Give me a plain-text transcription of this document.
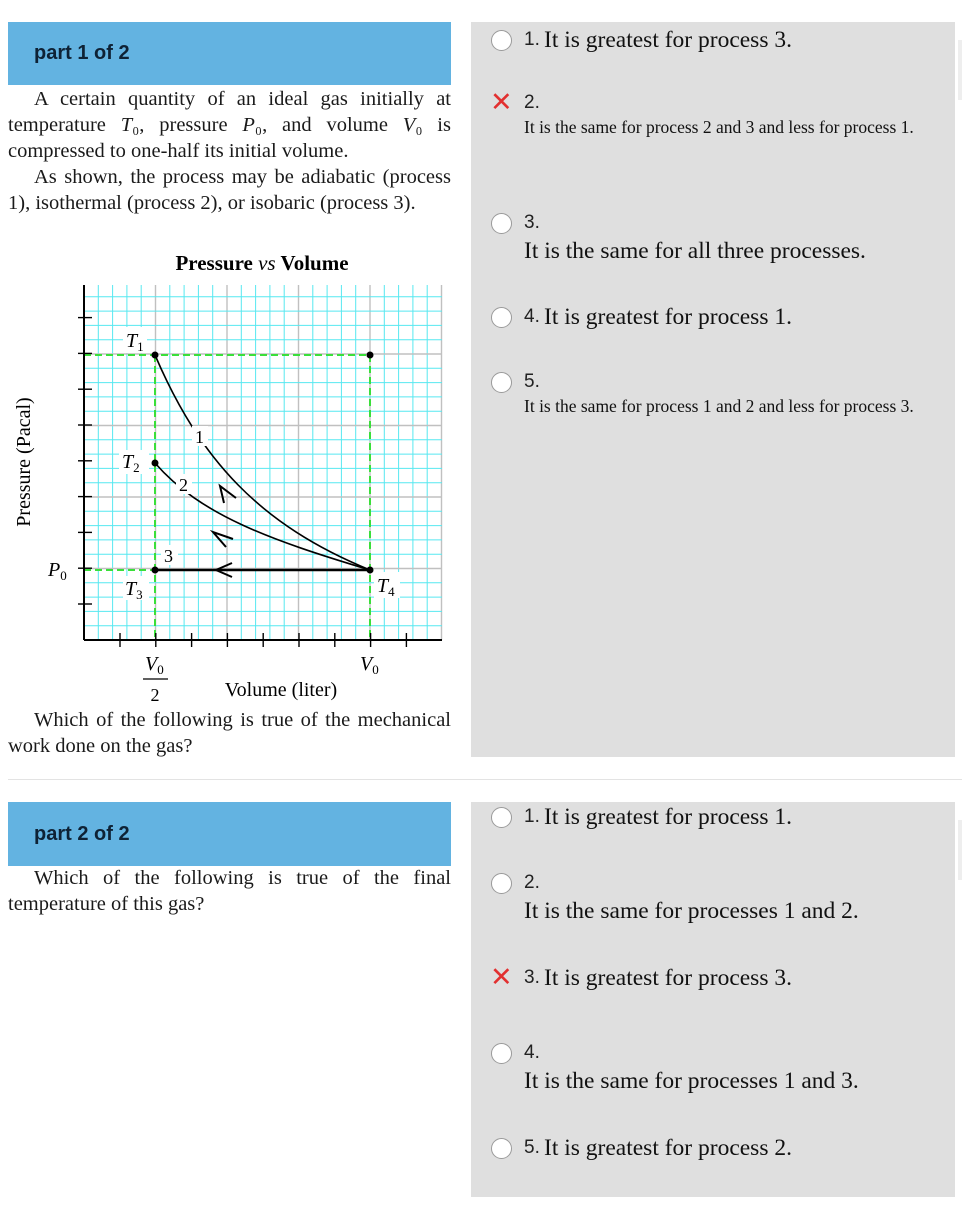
part 1 of 2

A certain quantity of an ideal gas initially at temperature T₀, pressure P₀, and volume V₀ is compressed to one-half its initial volume.

As shown, the process may be adiabatic (process 1), isothermal (process 2), or isobaric (process 3).

Pressure vs Volume
Pressure (Pacal)
$T_1$
$T_2$
$T_3$	$T_4$
$P_0$
1
2
3
$V_0$
2
$V_0$
Volume (liter)

Which of the following is true of the mechanical work done on the gas?

1. It is greatest for process 3.
✕ 2.
It is the same for process 2 and 3 and less for process 1.
3.
It is the same for all three processes.
4. It is greatest for process 1.
5.
It is the same for process 1 and 2 and less for process 3.
part 2 of 2

Which of the following is true of the final temperature of this gas?

1. It is greatest for process 1.
2.
It is the same for processes 1 and 2.
✕ 3. It is greatest for process 3.
4.
It is the same for processes 1 and 3.
5. It is greatest for process 2.
